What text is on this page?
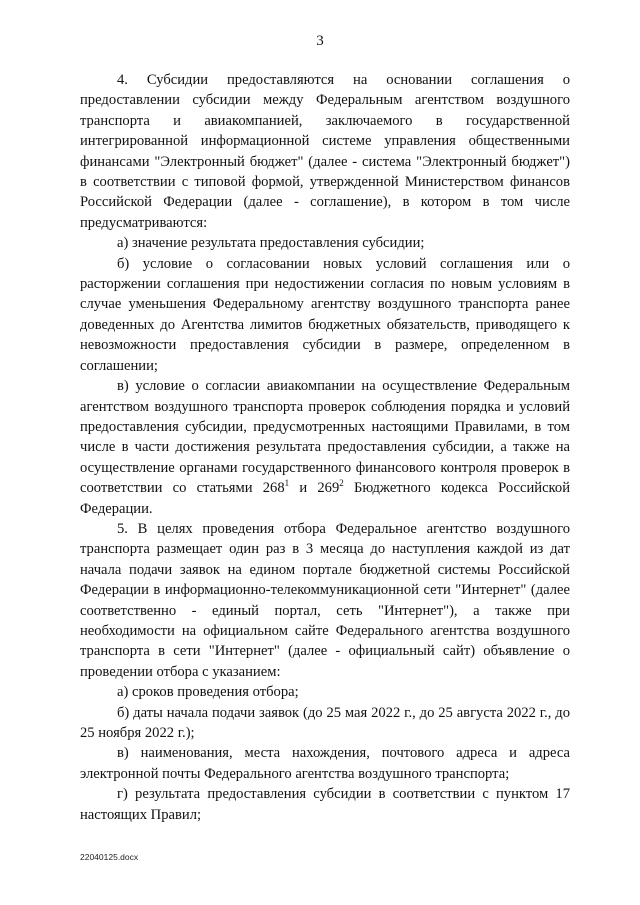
3

4. Субсидии предоставляются на основании соглашения о предоставлении субсидии между Федеральным агентством воздушного транспорта и авиакомпанией, заключаемого в государственной интегрированной информационной системе управления общественными финансами "Электронный бюджет" (далее - система "Электронный бюджет") в соответствии с типовой формой, утвержденной Министерством финансов Российской Федерации (далее - соглашение), в котором в том числе предусматриваются:

а) значение результата предоставления субсидии;

б) условие о согласовании новых условий соглашения или о расторжении соглашения при недостижении согласия по новым условиям в случае уменьшения Федеральному агентству воздушного транспорта ранее доведенных до Агентства лимитов бюджетных обязательств, приводящего к невозможности предоставления субсидии в размере, определенном в соглашении;

в) условие о согласии авиакомпании на осуществление Федеральным агентством воздушного транспорта проверок соблюдения порядка и условий предоставления субсидии, предусмотренных настоящими Правилами, в том числе в части достижения результата предоставления субсидии, а также на осуществление органами государственного финансового контроля проверок в соответствии со статьями $268^1$ и $269^2$ Бюджетного кодекса Российской Федерации.

5. В целях проведения отбора Федеральное агентство воздушного транспорта размещает один раз в 3 месяца до наступления каждой из дат начала подачи заявок на едином портале бюджетной системы Российской Федерации в информационно-телекоммуникационной сети "Интернет" (далее соответственно - единый портал, сеть "Интернет"), а также при необходимости на официальном сайте Федерального агентства воздушного транспорта в сети "Интернет" (далее - официальный сайт) объявление о проведении отбора с указанием:

а) сроков проведения отбора;

б) даты начала подачи заявок (до 25 мая 2022 г., до 25 августа 2022 г., до 25 ноября 2022 г.);

в) наименования, места нахождения, почтового адреса и адреса электронной почты Федерального агентства воздушного транспорта;

г) результата предоставления субсидии в соответствии с пунктом 17 настоящих Правил;

22040125.docx
